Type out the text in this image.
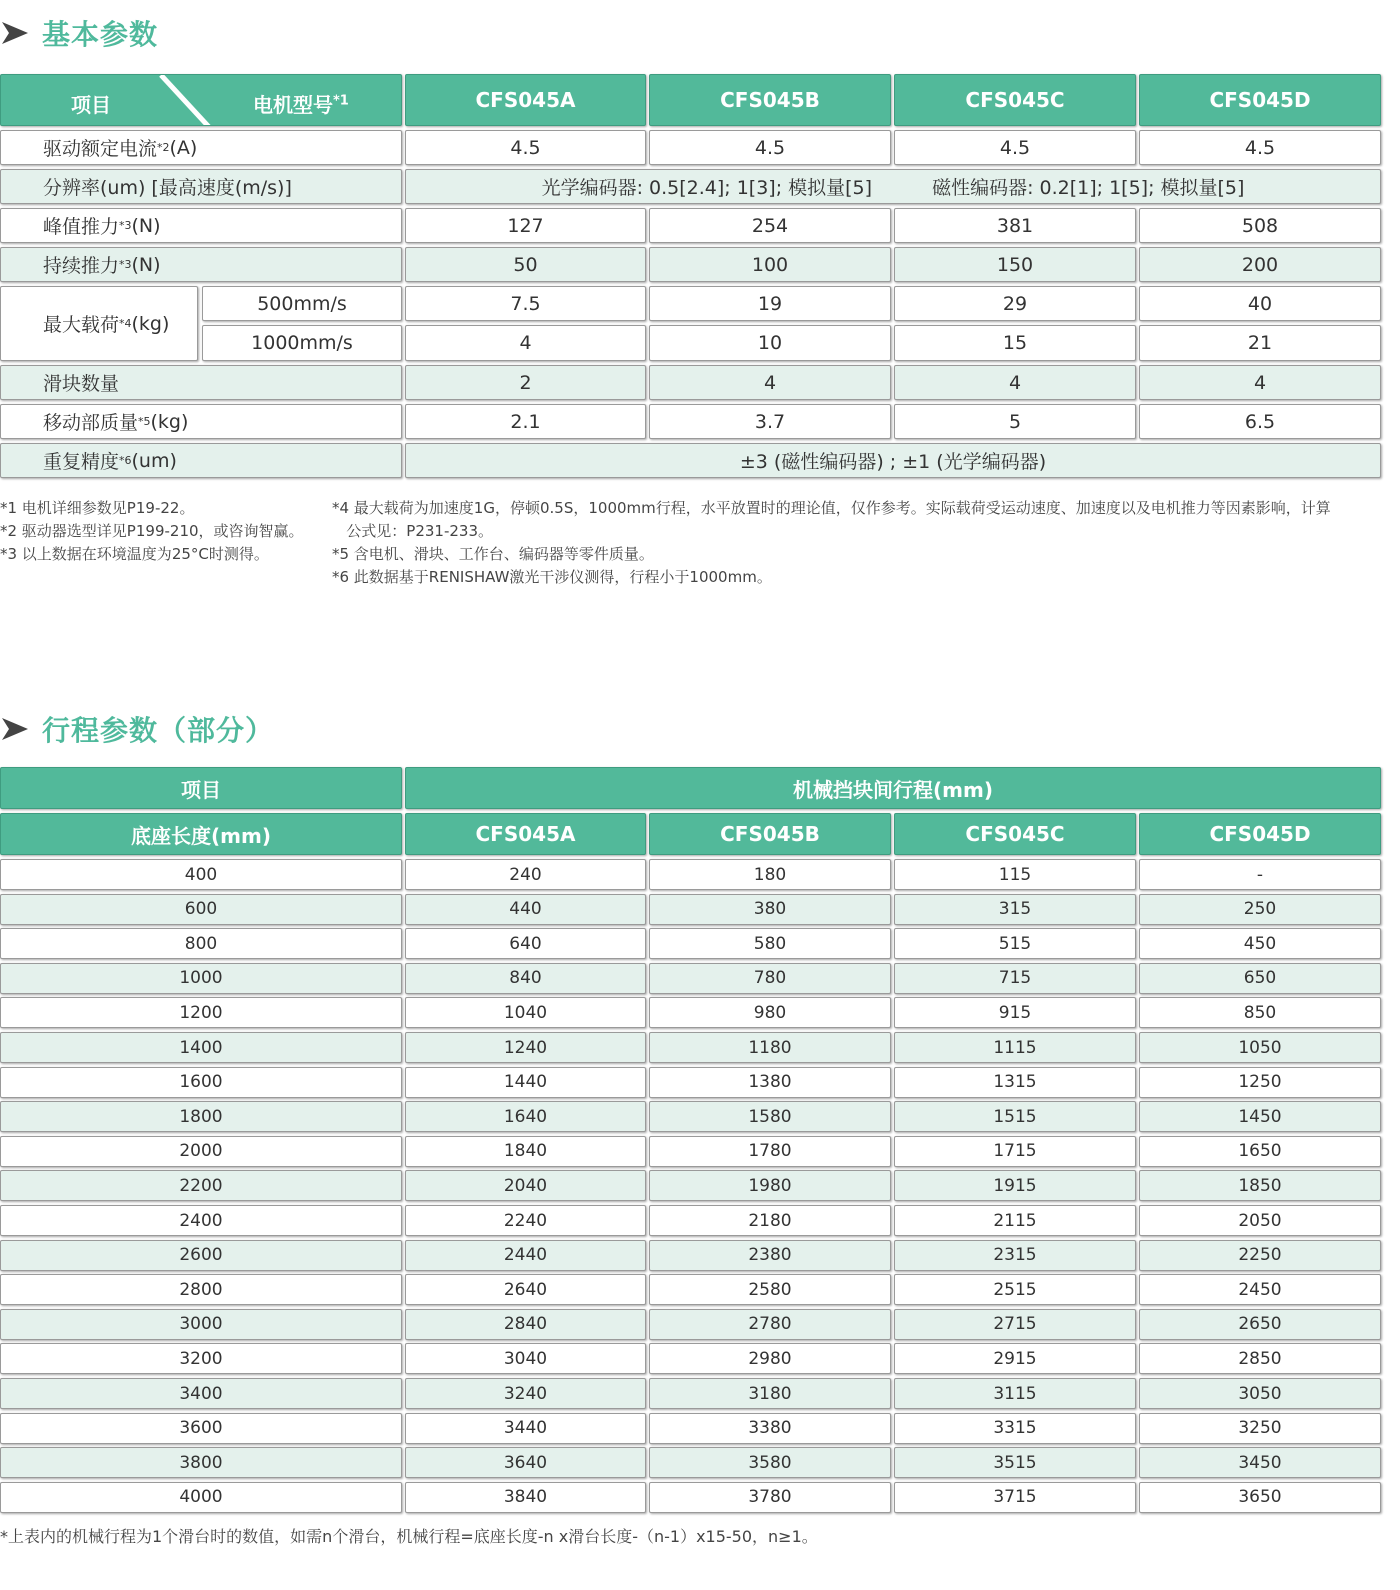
基本参数
项目	电机型号$^{*1}$	CFS045A	CFS045B	CFS045C	CFS045D
驱动额定电流 *2 (A)	4.5	4.5	4.5	4.5
分辨率(um) [最高速度(m/s)]	光学编码器: 0.5[2.4]; 1[3]; 模拟量[5]	磁性编码器: 0.2[1]; 1[5]; 模拟量[5]
峰值推力 *3 (N)	127	254	381	508
持续推力 *3 (N)	50	100	150	200
最大载荷 *4 (kg)
500mm/s	7.5	19	29	40
1000mm/s	4	10	15	21
滑块数量	2	4	4	4
移动部质量 *5 (kg)	2.1	3.7	5	6.5
重复精度 *6 (um)	±3 (磁性编码器) ; ±1 (光学编码器)
*1 电机详细参数见P19-22。
*2 驱动器选型详见P199-210，或咨询智赢。
*3 以上数据在环境温度为25°C时测得。
*4 最大载荷为加速度1G，停顿0.5S，1000mm行程，水平放置时的理论值，仅作参考。实际载荷受运动速度、加速度以及电机推力等因素影响，计算
公式见：P231-233。
*5 含电机、滑块、工作台、编码器等零件质量。
*6 此数据基于RENISHAW激光干涉仪测得，行程小于1000mm。
行程参数（部分）
项目	机械挡块间行程(mm)
底座长度(mm)	CFS045A	CFS045B	CFS045C	CFS045D
400	240	180	115	-
600	440	380	315	250
800	640	580	515	450
1000	840	780	715	650
1200	1040	980	915	850
1400	1240	1180	1115	1050
1600	1440	1380	1315	1250
1800	1640	1580	1515	1450
2000	1840	1780	1715	1650
2200	2040	1980	1915	1850
2400	2240	2180	2115	2050
2600	2440	2380	2315	2250
2800	2640	2580	2515	2450
3000	2840	2780	2715	2650
3200	3040	2980	2915	2850
3400	3240	3180	3115	3050
3600	3440	3380	3315	3250
3800	3640	3580	3515	3450
4000	3840	3780	3715	3650
*上表内的机械行程为1个滑台时的数值，如需n个滑台，机械行程=底座长度-n x滑台长度-（n-1）x15-50，n≥1。
